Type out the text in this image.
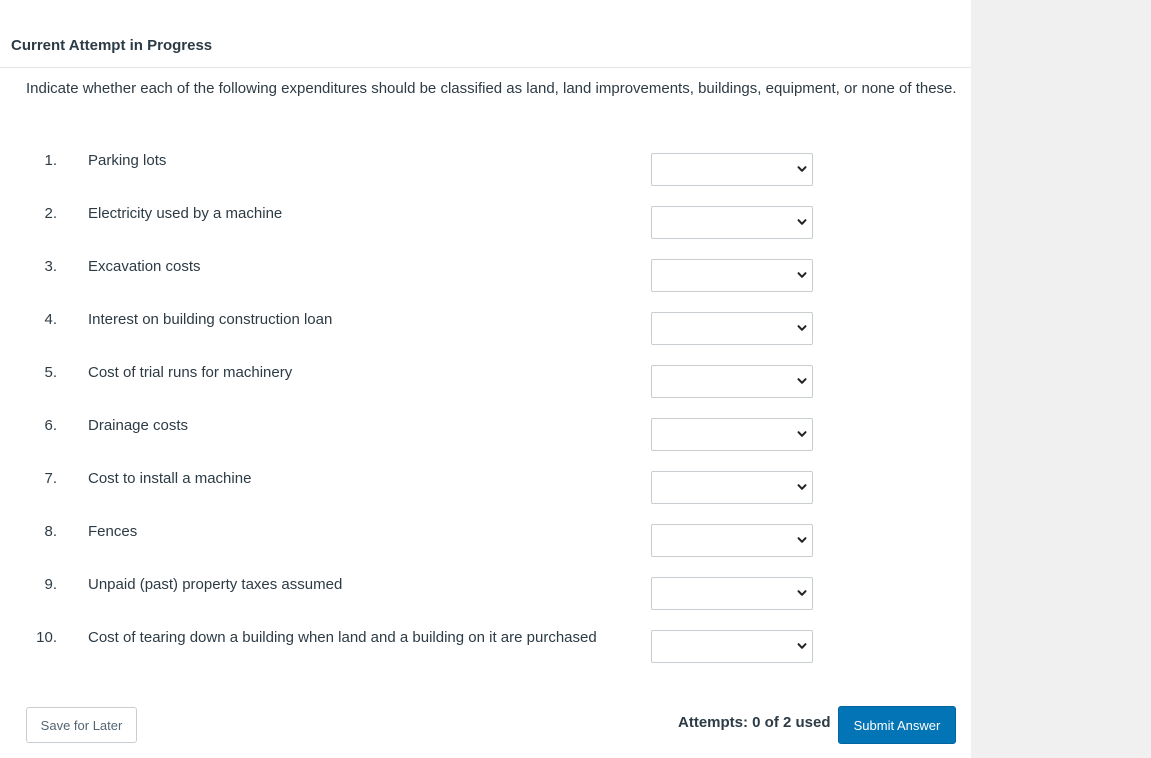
Current Attempt in Progress
Indicate whether each of the following expenditures should be classified as land, land improvements, buildings, equipment, or none of these.
1. Parking lots
2. Electricity used by a machine
3. Excavation costs
4. Interest on building construction loan
5. Cost of trial runs for machinery
6. Drainage costs
7. Cost to install a machine
8. Fences
9. Unpaid (past) property taxes assumed
10. Cost of tearing down a building when land and a building on it are purchased
Save for Later	Attempts: 0 of 2 used	Submit Answer
